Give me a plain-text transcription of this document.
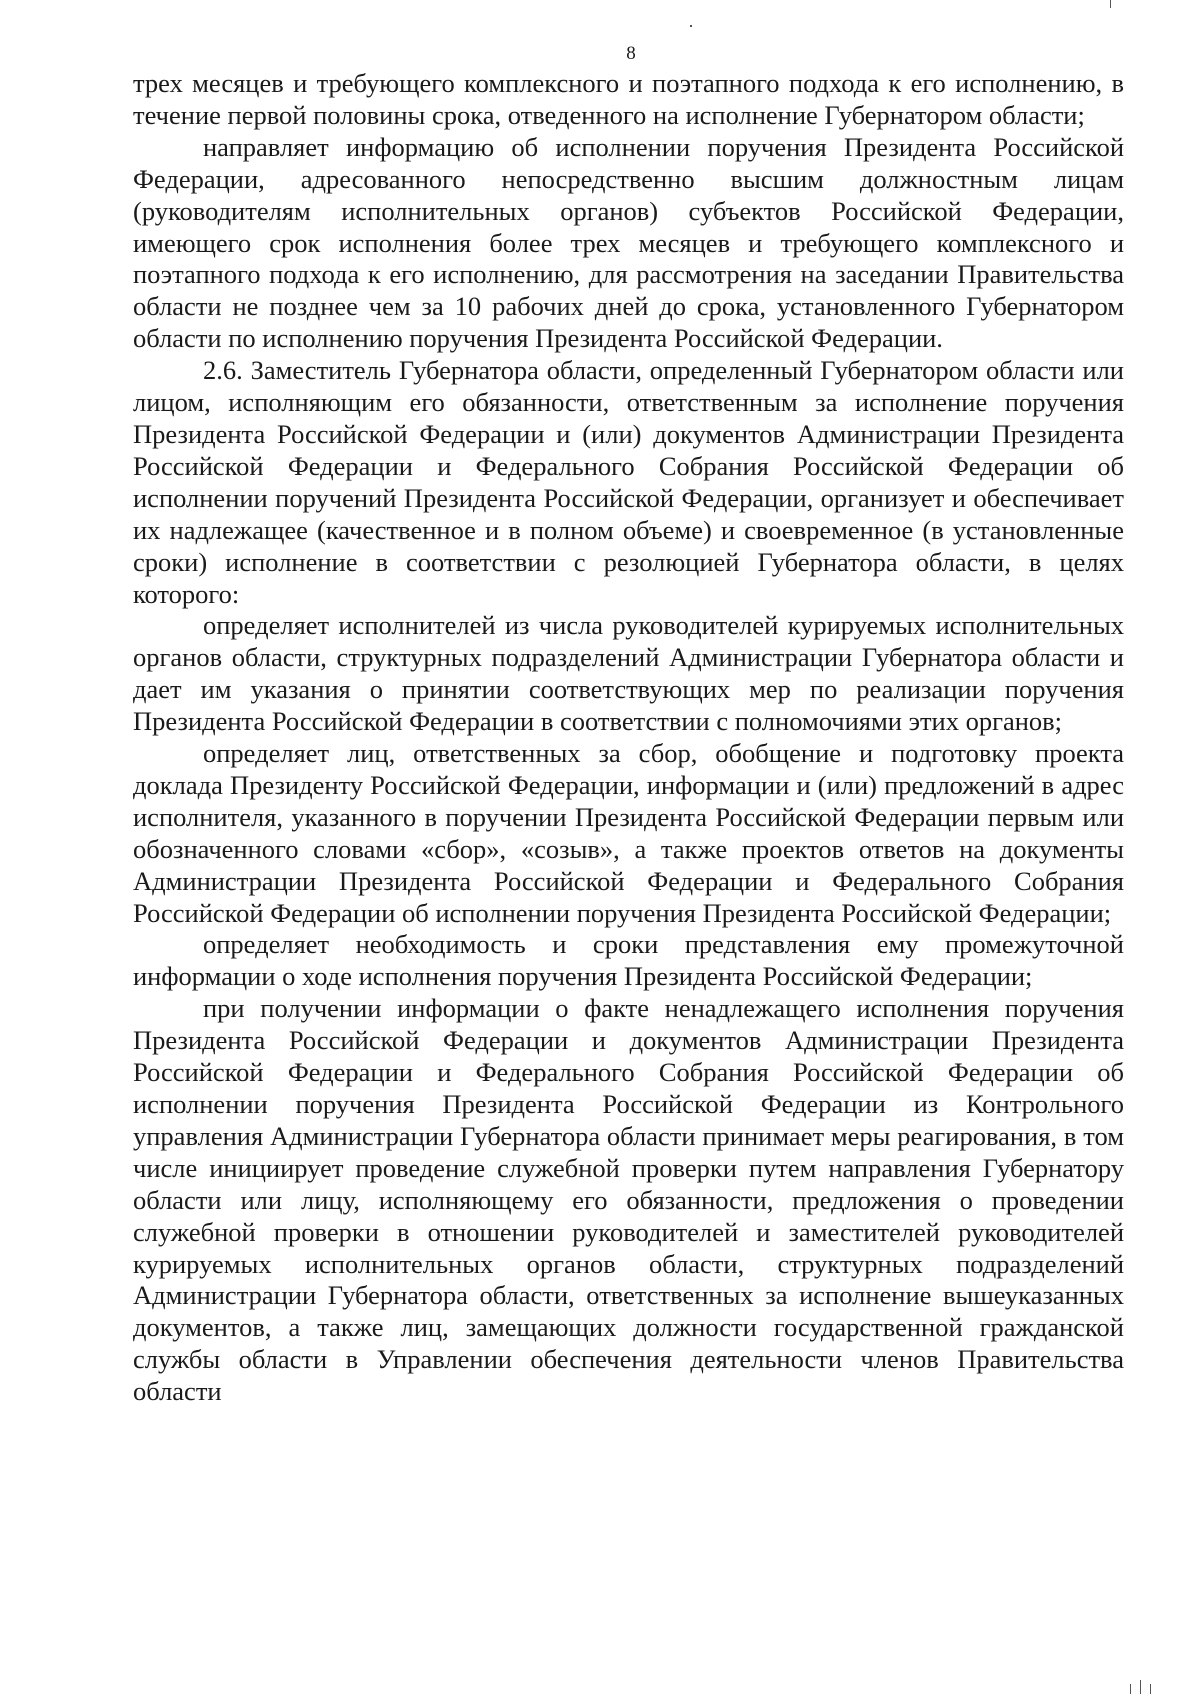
8

трех месяцев и требующего комплексного и поэтапного подхода к его исполнению, в течение первой половины срока, отведенного на исполнение Губернатором области;

направляет информацию об исполнении поручения Президента Российской Федерации, адресованного непосредственно высшим должностным лицам (руководителям исполнительных органов) субъектов Российской Федерации, имеющего срок исполнения более трех месяцев и требующего комплексного и поэтапного подхода к его исполнению, для рассмотрения на заседании Правительства области не позднее чем за 10 рабочих дней до срока, установленного Губернатором области по исполнению поручения Президента Российской Федерации.

2.6. Заместитель Губернатора области, определенный Губернатором области или лицом, исполняющим его обязанности, ответственным за исполнение поручения Президента Российской Федерации и (или) документов Администрации Президента Российской Федерации и Федерального Собрания Российской Федерации об исполнении поручений Президента Российской Федерации, организует и обеспечивает их надлежащее (качественное и в полном объеме) и своевременное (в установленные сроки) исполнение в соответствии с резолюцией Губернатора области, в целях которого:

определяет исполнителей из числа руководителей курируемых исполнительных органов области, структурных подразделений Администрации Губернатора области и дает им указания о принятии соответствующих мер по реализации поручения Президента Российской Федерации в соответствии с полномочиями этих органов;

определяет лиц, ответственных за сбор, обобщение и подготовку проекта доклада Президенту Российской Федерации, информации и (или) предложений в адрес исполнителя, указанного в поручении Президента Российской Федерации первым или обозначенного словами «сбор», «созыв», а также проектов ответов на документы Администрации Президента Российской Федерации и Федерального Собрания Российской Федерации об исполнении поручения Президента Российской Федерации;

определяет необходимость и сроки представления ему промежуточной информации о ходе исполнения поручения Президента Российской Федерации;

при получении информации о факте ненадлежащего исполнения поручения Президента Российской Федерации и документов Администрации Президента Российской Федерации и Федерального Собрания Российской Федерации об исполнении поручения Президента Российской Федерации из Контрольного управления Администрации Губернатора области принимает меры реагирования, в том числе инициирует проведение служебной проверки путем направления Губернатору области или лицу, исполняющему его обязанности, предложения о проведении служебной проверки в отношении руководителей и заместителей руководителей курируемых исполнительных органов области, структурных подразделений Администрации Губернатора области, ответственных за исполнение вышеуказанных документов, а также лиц, замещающих должности государственной гражданской службы области в Управлении обеспечения деятельности членов Правительства области
